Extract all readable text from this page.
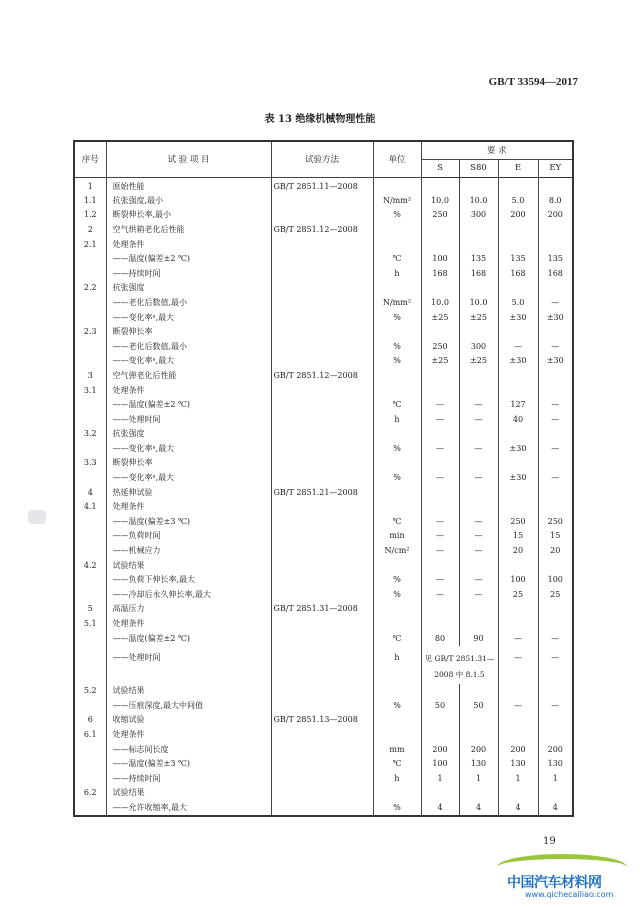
GB/T 33594—2017
表 13 绝缘机械物理性能
序号	试 验 项 目	试验方法	单位	要 求			
				S	S80	E	EY
1	原始性能	GB/T 2851.11—2008					
1.1	抗张强度,最小		N/mm²	10.0	10.0	5.0	8.0
1.2	断裂伸长率,最小		%	250	300	200	200
2	空气烘箱老化后性能	GB/T 2851.12—2008					
2.1	处理条件						
	——温度(偏差±2 ℃)		℃	100	135	135	135
	——持续时间		h	168	168	168	168
2.2	抗张强度						
	——老化后数值,最小		N/mm²	10.0	10.0	5.0	—
	——变化率ᵃ,最大		%	±25	±25	±30	±30
2.3	断裂伸长率						
	——老化后数值,最小		%	250	300	—	—
	——变化率ᵃ,最大		%	±25	±25	±30	±30
3	空气弹老化后性能	GB/T 2851.12—2008					
3.1	处理条件						
	——温度(偏差±2 ℃)		℃	—	—	127	—
	——处理时间		h	—	—	40	—
3.2	抗张强度						
	——变化率ᵃ,最大		%	—	—	±30	—
3.3	断裂伸长率						
	——变化率ᵃ,最大		%	—	—	±30	—
4	热延伸试验	GB/T 2851.21—2008					
4.1	处理条件						
	——温度(偏差±3 ℃)		℃	—	—	250	250
	——负荷时间		min	—	—	15	15
	——机械应力		N/cm²	—	—	20	20
4.2	试验结果						
	——负荷下伸长率,最大		%	—	—	100	100
	——冷却后永久伸长率,最大		%	—	—	25	25
5	高温压力	GB/T 2851.31—2008					
5.1	处理条件						
	——温度(偏差±2 ℃)		℃	80	90	—	—
	——处理时间		h	见 GB/T 2851.31—2008 中 8.1.5		—	—
5.2	试验结果						
	——压痕深度,最大中间值		%	50	50	—	—
6	收缩试验	GB/T 2851.13—2008					
6.1	处理条件						
	——标志间长度		mm	200	200	200	200
	——温度(偏差±3 ℃)		℃	100	130	130	130
	——持续时间		h	1	1	1	1
6.2	试验结果						
	——允许收缩率,最大		%	4	4	4	4
19
中国汽车材料网
www.qichecailiao.com
